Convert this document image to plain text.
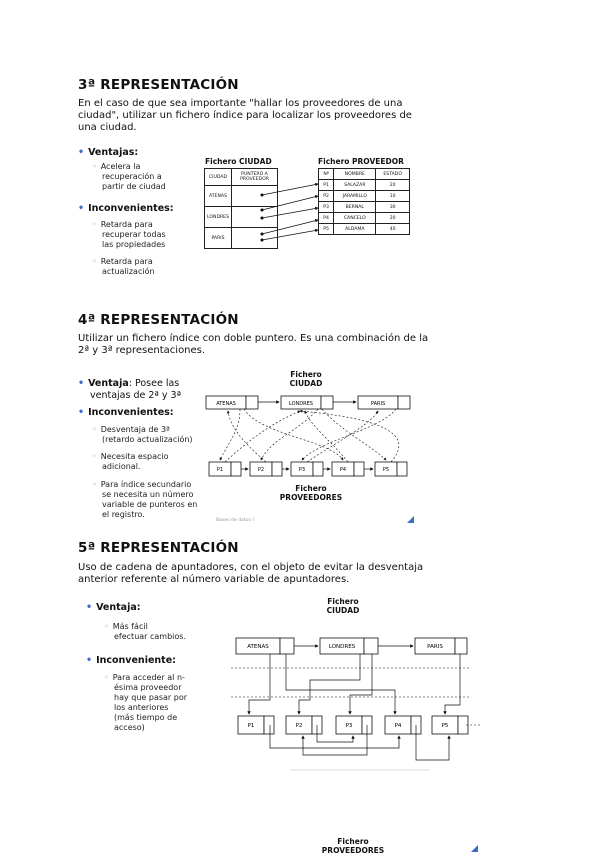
3ª REPRESENTACIÓN
En el caso de que sea importante "hallar los proveedores de una
ciudad", utilizar un fichero índice para localizar los proveedores de
una ciudad.
• Ventajas:
◦ Acelera la
recuperación a
partir de ciudad
• Inconvenientes:
◦ Retarda para
recuperar todas
las propiedades
◦ Retarda para
actualización
Fichero CIUDAD	Fichero PROVEEDOR
CIUDAD	PUNTERO A PROVEEDOR
ATENAS	
LONDRES	
PARIS	
Nº	NOMBRE	ESTADO
P1	SALAZAR	20
P2	JARAMILLO	10
P3	BERNAL	30
P4	CANCELO	20
P5	ALDAMA	40
4ª REPRESENTACIÓN
Utilizar un fichero índice con doble puntero. Es una combinación de la
2ª y 3ª representaciones.
• Ventaja: Posee las
ventajas de 2ª y 3ª
• Inconvenientes:
◦ Desventaja de 3ª
(retardo actualización)
◦ Necesita espacio
adicional.
◦ Para índice secundario
se necesita un número
variable de punteros en
el registro.
Fichero
CIUDAD
Fichero
PROVEEDORES
Bases de datos I
5ª REPRESENTACIÓN
Uso de cadena de apuntadores, con el objeto de evitar la desventaja
anterior referente al número variable de apuntadores.
• Ventaja:
◦ Más fácil
efectuar cambios.
• Inconveniente:
◦ Para acceder al n-
ésima proveedor
hay que pasar por
los anteriores
(más tiempo de
acceso)
Fichero
CIUDAD
Fichero
PROVEEDORES
ATENAS	LONDRES	PARIS
P1	P2	P3	P4	P5
ATENAS	LONDRES	PARIS
P1	P2	P3	P4	P5
